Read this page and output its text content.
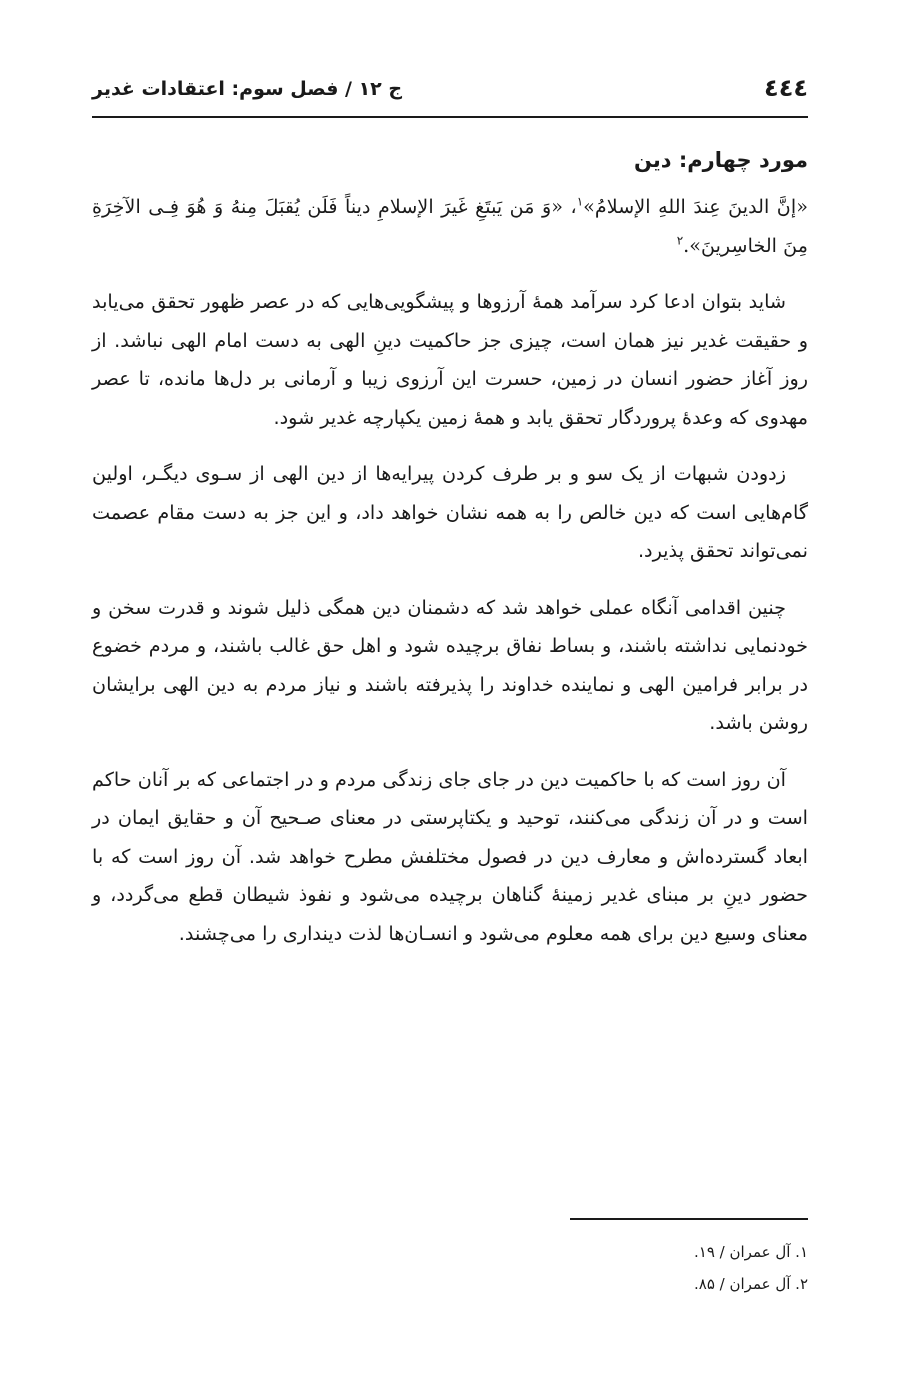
٤٤٤
ج ۱۲ / فصل سوم: اعتقادات غدیر
مورد چهارم: دین

«إنَّ الدینَ عِندَ اللهِ الإسلامُ»$^۱$، «وَ مَن یَبتَغِ غَیرَ الإسلامِ دیناً فَلَن یُقبَلَ مِنهُ وَ هُوَ فِـی الآخِرَةِ مِنَ الخاسِرینَ».$^۲$

شاید بتوان ادعا کرد سرآمد همهٔ آرزوها و پیشگویی‌هایی که در عصر ظهور تحقق می‌یابد و حقیقت غدیر نیز همان است، چیزی جز حاکمیت دینِ الهی به دست امام الهی نباشد. از روز آغاز حضور انسان در زمین، حسرت این آرزوی زیبا و آرمانی بر دل‌ها مانده، تا عصر مهدوی که وعدهٔ پروردگار تحقق یابد و همهٔ زمین یکپارچه غدیر شود.

زدودن شبهات از یک سو و بر طرف کردن پیرایه‌ها از دین الهی از سـوی دیگـر، اولین گام‌هایی است که دین خالص را به همه نشان خواهد داد، و این جز به دست مقام عصمت نمی‌تواند تحقق پذیرد.

چنین اقدامی آنگاه عملی خواهد شد که دشمنان دین همگی ذلیل شوند و قدرت سخن و خودنمایی نداشته باشند، و بساط نفاق برچیده شود و اهل حق غالب باشند، و مردم خضوع در برابر فرامین الهی و نماینده خداوند را پذیرفته باشند و نیاز مردم به دین الهی برایشان روشن باشد.

آن روز است که با حاکمیت دین در جای جای زندگی مردم و در اجتماعی که بر آنان حاکم است و در آن زندگی می‌کنند، توحید و یکتاپرستی در معنای صـحیح آن و حقایق ایمان در ابعاد گسترده‌اش و معارف دین در فصول مختلفش مطرح خواهد شد. آن روز است که با حضور دینِ بر مبنای غدیر زمینهٔ گناهان برچیده می‌شود و نفوذ شیطان قطع می‌گردد، و معنای وسیع دین برای همه معلوم می‌شود و انسـان‌ها لذت دینداری را می‌چشند.

۱. آل عمران / ۱۹.
۲. آل عمران / ۸۵.
